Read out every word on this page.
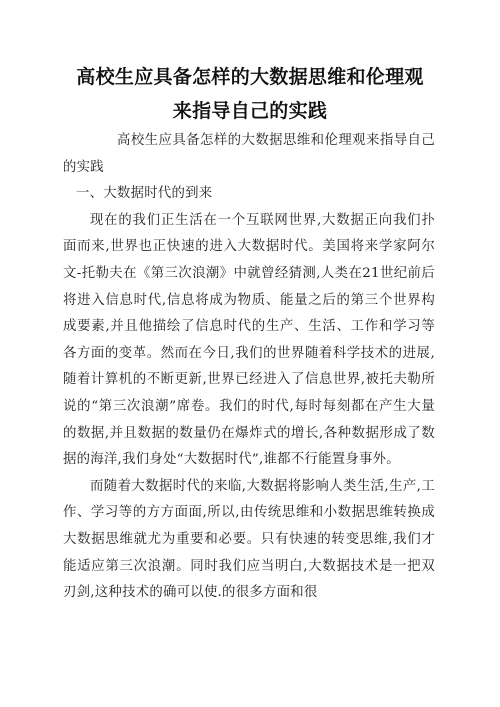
高校生应具备怎样的大数据思维和伦理观
来指导自己的实践

高校生应具备怎样的大数据思维和伦理观来指导自己的实践

一、大数据时代的到来

现在的我们正生活在一个互联网世界,大数据正向我们扑面而来,世界也正快速的进入大数据时代。美国将来学家阿尔文-托勒夫在《第三次浪潮》中就曾经猜测,人类在21世纪前后将进入信息时代,信息将成为物质、能量之后的第三个世界构成要素,并且他描绘了信息时代的生产、生活、工作和学习等各方面的变革。然而在今日,我们的世界随着科学技术的进展,随着计算机的不断更新,世界已经进入了信息世界,被托夫勒所说的“第三次浪潮”席卷。我们的时代,每时每刻都在产生大量的数据,并且数据的数量仍在爆炸式的增长,各种数据形成了数据的海洋,我们身处“大数据时代”,谁都不行能置身事外。

而随着大数据时代的来临,大数据将影响人类生活,生产,工作、学习等的方方面面,所以,由传统思维和小数据思维转换成大数据思维就尤为重要和必要。只有快速的转变思维,我们才能适应第三次浪潮。同时我们应当明白,大数据技术是一把双刃剑,这种技术的确可以使.的很多方面和很
